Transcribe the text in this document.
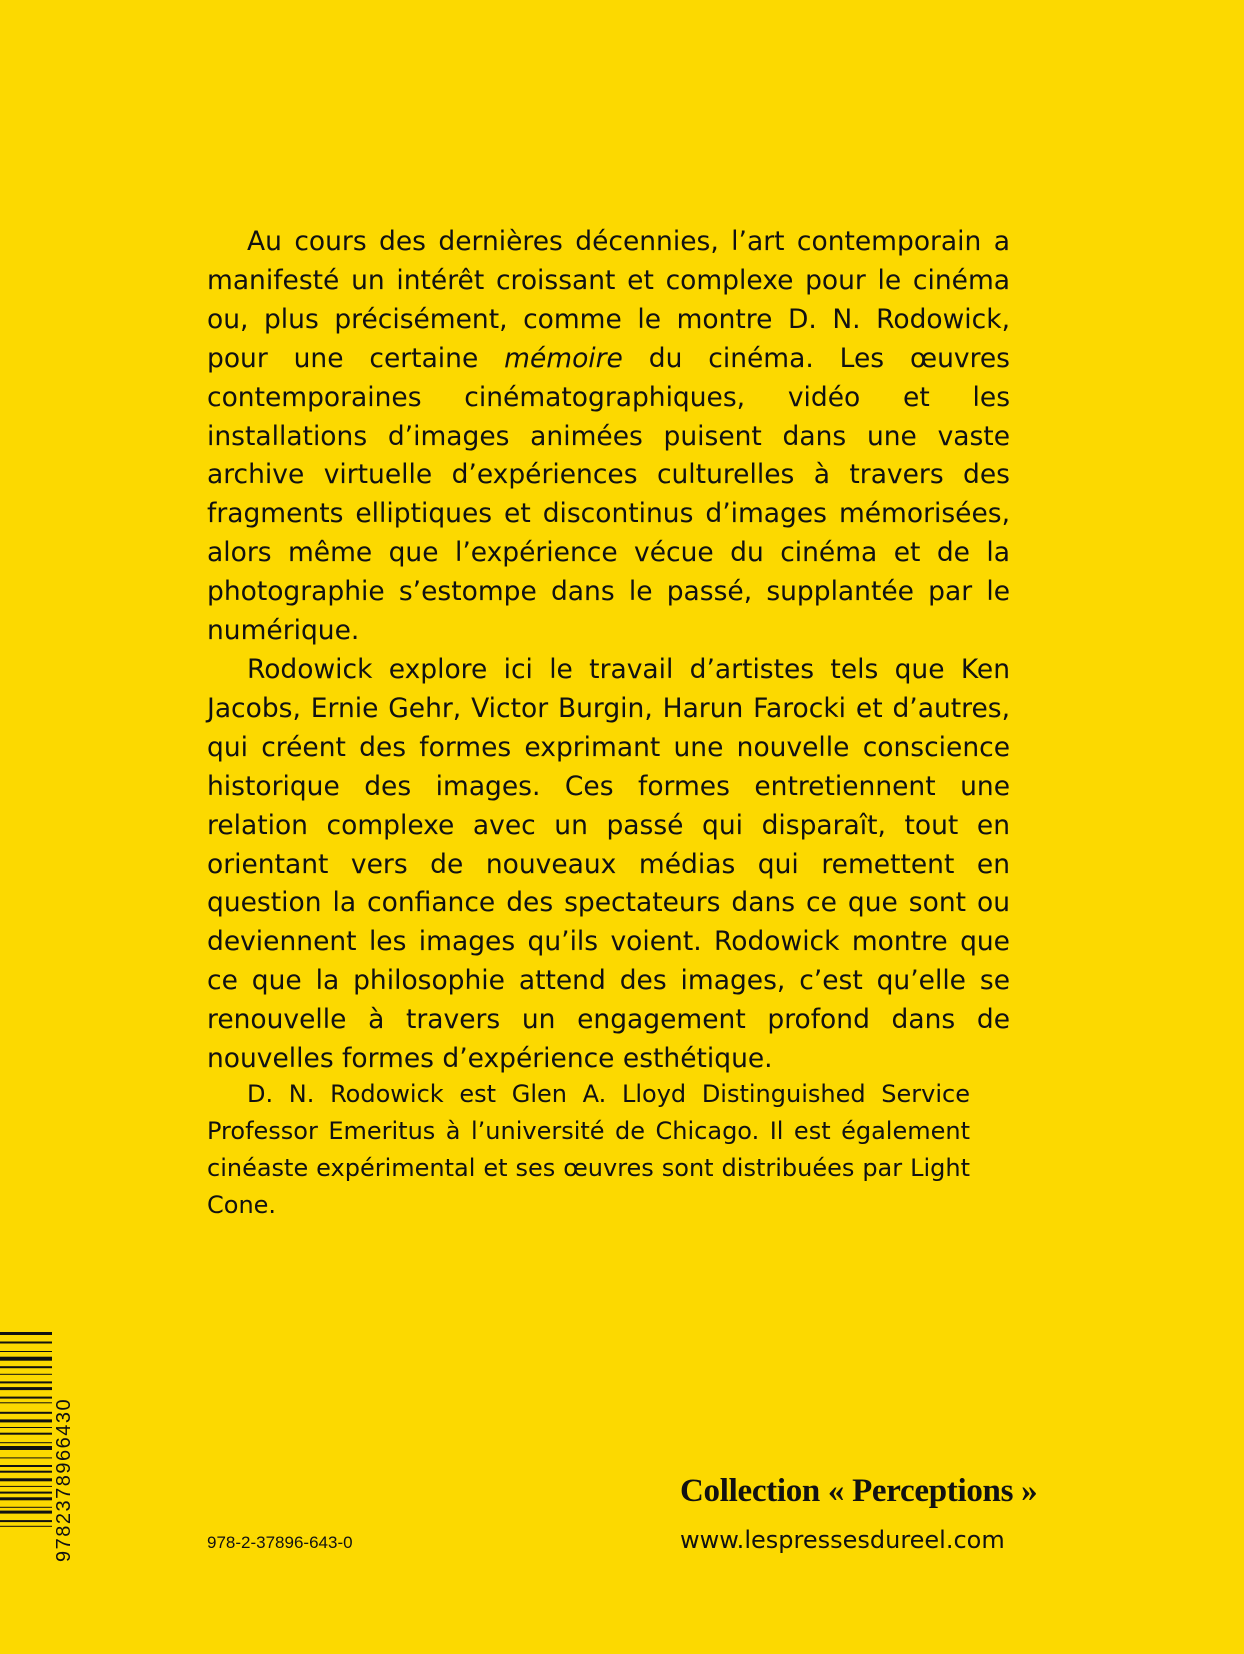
Au cours des dernières décennies, l’art contemporain a manifesté un intérêt croissant et complexe pour le cinéma ou, plus précisément, comme le montre D. N. Rodowick, pour une certaine mémoire du cinéma. Les œuvres contemporaines cinématographiques, vidéo et les installations d’images animées puisent dans une vaste archive virtuelle d’expériences culturelles à travers des fragments elliptiques et discontinus d’images mémorisées, alors même que l’expérience vécue du cinéma et de la photographie s’estompe dans le passé, supplantée par le numérique.

Rodowick explore ici le travail d’artistes tels que Ken Jacobs, Ernie Gehr, Victor Burgin, Harun Farocki et d’autres, qui créent des formes exprimant une nouvelle conscience historique des images. Ces formes entretiennent une relation complexe avec un passé qui disparaît, tout en orientant vers de nouveaux médias qui remettent en question la confiance des spectateurs dans ce que sont ou deviennent les images qu’ils voient. Rodowick montre que ce que la philosophie attend des images, c’est qu’elle se renouvelle à travers un engagement profond dans de nouvelles formes d’expérience esthétique.

D. N. Rodowick est Glen A. Lloyd Distinguished Service Professor Emeritus à l’université de Chicago. Il est également cinéaste expérimental et ses œuvres sont distribuées par Light Cone.

9782378966430	978-2-37896-643-0
Collection « Perceptions »
www.lespressesdureel.com
